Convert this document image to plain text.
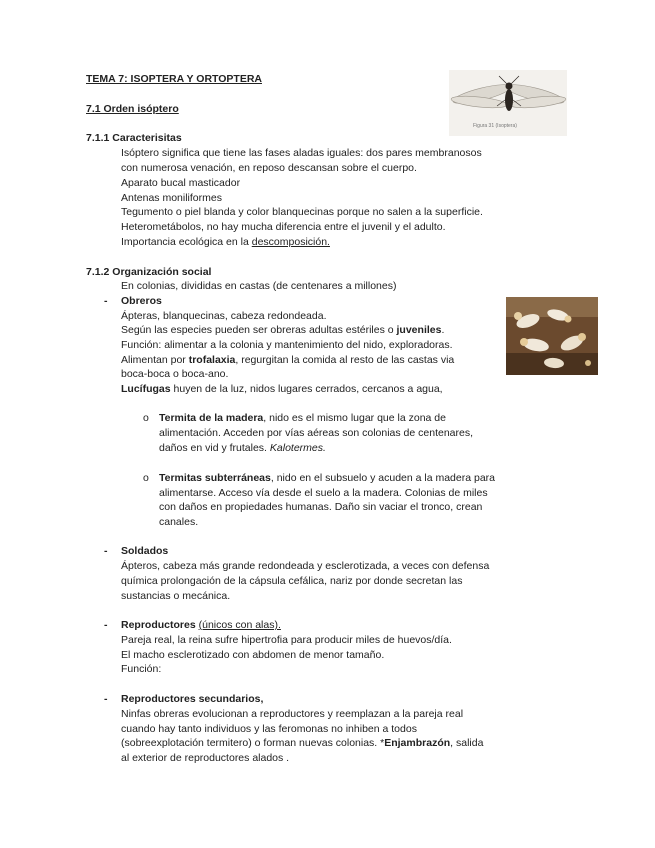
TEMA 7: ISOPTERA Y ORTOPTERA
7.1 Orden isóptero
7.1.1 Caracterisitas
Isóptero significa que tiene las fases aladas iguales: dos pares membranosos
con numerosa venación, en reposo descansan sobre el cuerpo.
Aparato bucal masticador
Antenas moniliformes
Tegumento o piel blanda y color blanquecinas porque no salen a la superficie.
Heterometábolos, no hay mucha diferencia entre el juvenil y el adulto.
Importancia ecológica en la descomposición.
Figura 31 (Isoptera)
7.1.2 Organización social
En colonias, divididas en castas (de centenares a millones)
- Obreros
Ápteras, blanquecinas, cabeza redondeada.
Según las especies pueden ser obreras adultas estériles o juveniles.
Función: alimentar a la colonia y mantenimiento del nido, exploradoras.
Alimentan por trofalaxia, regurgitan la comida al resto de las castas via
boca-boca o boca-ano.
Lucífugas huyen de la luz, nidos lugares cerrados, cercanos a agua,
o Termita de la madera, nido es el mismo lugar que la zona de
alimentación. Acceden por vías aéreas son colonias de centenares,
daños en vid y frutales. Kalotermes.
o Termitas subterráneas, nido en el subsuelo y acuden a la madera para
alimentarse. Acceso vía desde el suelo a la madera. Colonias de miles
con daños en propiedades humanas. Daño sin vaciar el tronco, crean
canales.
- Soldados
Ápteros, cabeza más grande redondeada y esclerotizada, a veces con defensa
química prolongación de la cápsula cefálica, nariz por donde secretan las
sustancias o mecánica.
- Reproductores (únicos con alas).
Pareja real, la reina sufre hipertrofia para producir miles de huevos/día.
El macho esclerotizado con abdomen de menor tamaño.
Función:
- Reproductores secundarios,
Ninfas obreras evolucionan a reproductores y reemplazan a la pareja real
cuando hay tanto individuos y las feromonas no inhiben a todos
(sobreexplotación termitero) o forman nuevas colonias. *Enjambrazón, salida
al exterior de reproductores alados .
